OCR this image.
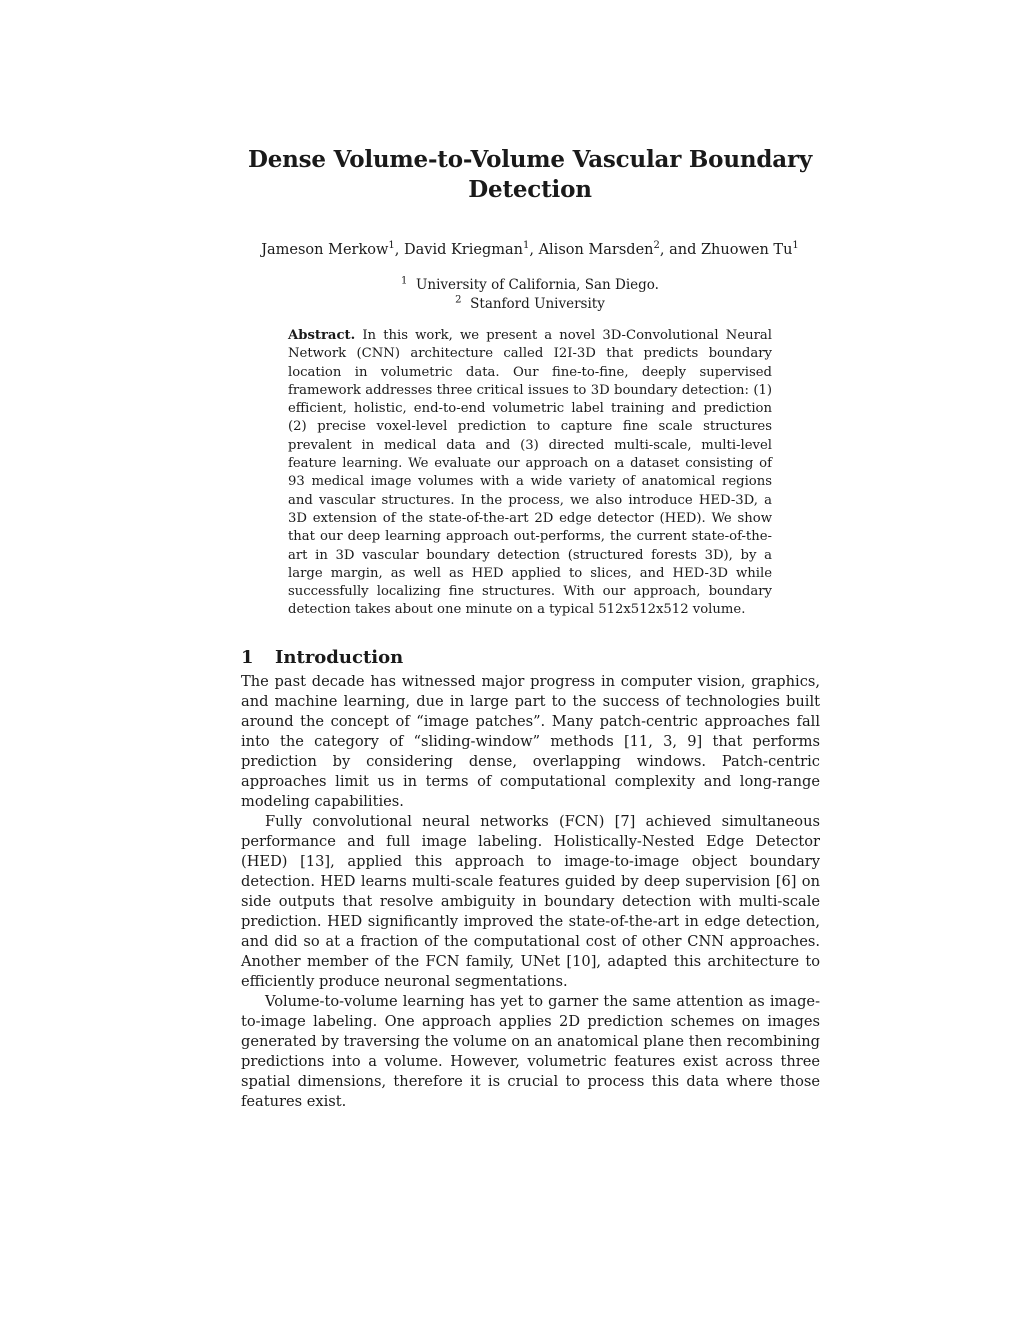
Dense Volume-to-Volume Vascular Boundary Detection
Jameson Merkow$^1$, David Kriegman$^1$, Alison Marsden$^2$, and Zhuowen Tu$^1$
$^1$ University of California, San Diego.
$^2$ Stanford University
Abstract. In this work, we present a novel 3D-Convolutional Neural Network (CNN) architecture called I2I-3D that predicts boundary location in volumetric data. Our fine-to-fine, deeply supervised framework addresses three critical issues to 3D boundary detection: (1) efficient, holistic, end-to-end volumetric label training and prediction (2) precise voxel-level prediction to capture fine scale structures prevalent in medical data and (3) directed multi-scale, multi-level feature learning. We evaluate our approach on a dataset consisting of 93 medical image volumes with a wide variety of anatomical regions and vascular structures. In the process, we also introduce HED-3D, a 3D extension of the state-of-the-art 2D edge detector (HED). We show that our deep learning approach out-performs, the current state-of-the-art in 3D vascular boundary detection (structured forests 3D), by a large margin, as well as HED applied to slices, and HED-3D while successfully localizing fine structures. With our approach, boundary detection takes about one minute on a typical 512x512x512 volume.
1 Introduction

The past decade has witnessed major progress in computer vision, graphics, and machine learning, due in large part to the success of technologies built around the concept of “image patches”. Many patch-centric approaches fall into the category of “sliding-window” methods [11, 3, 9] that performs prediction by considering dense, overlapping windows. Patch-centric approaches limit us in terms of computational complexity and long-range modeling capabilities.

Fully convolutional neural networks (FCN) [7] achieved simultaneous performance and full image labeling. Holistically-Nested Edge Detector (HED) [13], applied this approach to image-to-image object boundary detection. HED learns multi-scale features guided by deep supervision [6] on side outputs that resolve ambiguity in boundary detection with multi-scale prediction. HED significantly improved the state-of-the-art in edge detection, and did so at a fraction of the computational cost of other CNN approaches. Another member of the FCN family, UNet [10], adapted this architecture to efficiently produce neuronal segmentations.

Volume-to-volume learning has yet to garner the same attention as image-to-image labeling. One approach applies 2D prediction schemes on images generated by traversing the volume on an anatomical plane then recombining predictions into a volume. However, volumetric features exist across three spatial dimensions, therefore it is crucial to process this data where those features exist.
